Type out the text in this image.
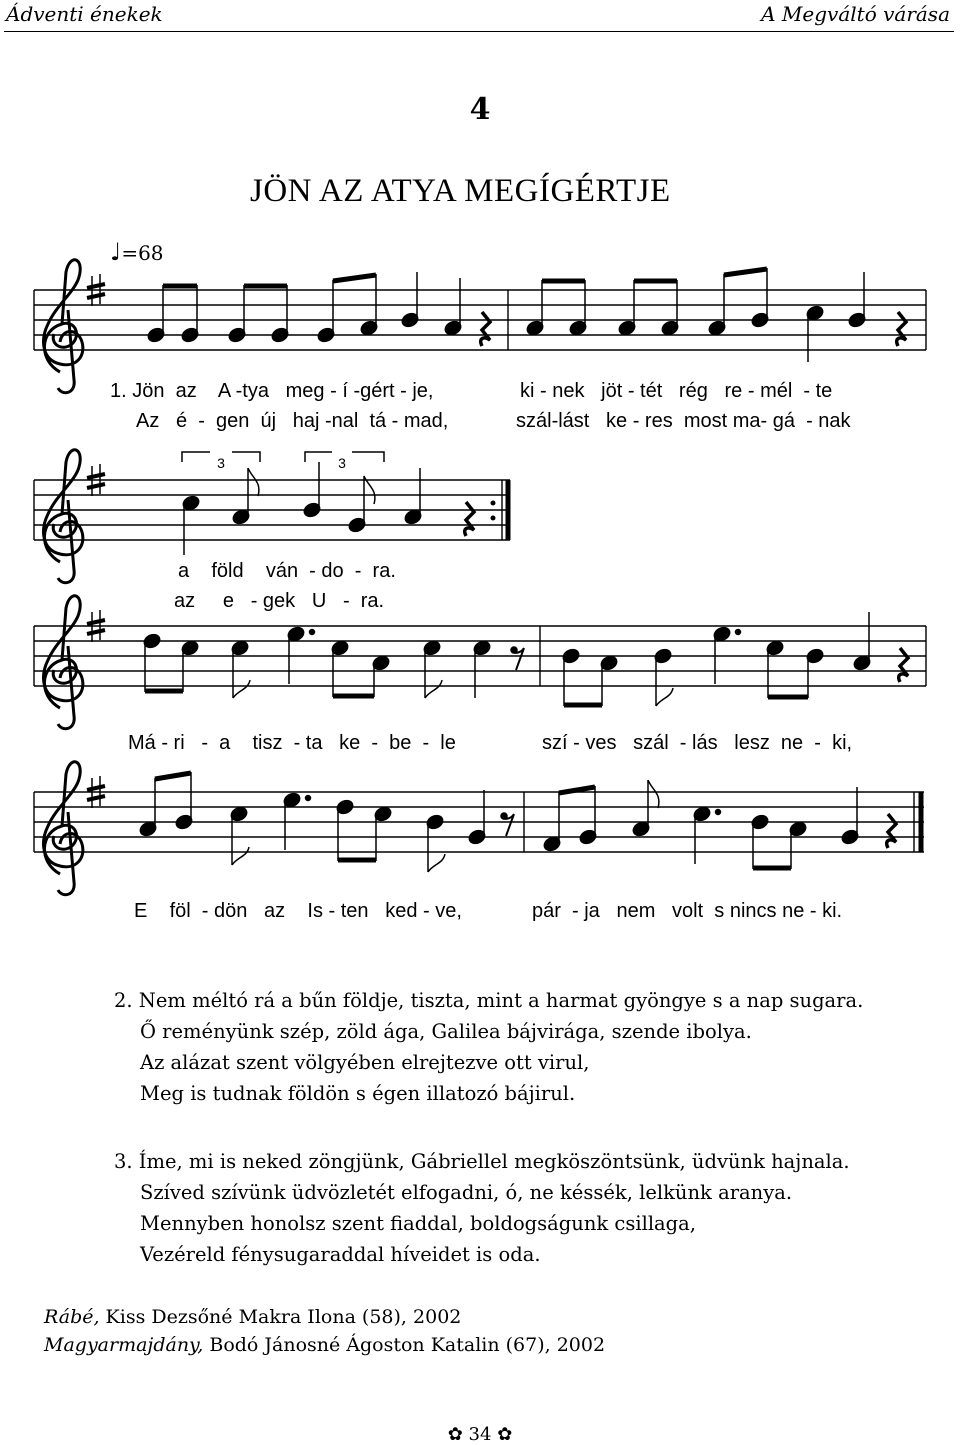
Ádventi énekek	A Megváltó várása
4
JÖN AZ ATYA MEGÍGÉRTJE
♩=68
3	3
1. Jön  az    A -tya   meg - í -gért - je,	ki - nek   jöt - tét   rég   re - mél  - te
Az   é  -  gen  új   haj -nal  tá - mad,	szál-lást   ke - res  most ma- gá  - nak
a    föld    ván  - do  -  ra.
az     e   - gek   U   -  ra.
Má - ri   -  a    tisz  - ta   ke  -  be  -  le	szí - ves   szál  - lás   lesz  ne  -  ki,
E    föl  - dön   az    Is - ten   ked - ve,	pár  - ja   nem   volt  s nincs ne - ki.
2. Nem méltó rá a bűn földje, tiszta, mint a harmat gyöngye s a nap sugara.
Ő reményünk szép, zöld ága, Galilea bájvirága, szende ibolya.
Az alázat szent völgyében elrejtezve ott virul,
Meg is tudnak földön s égen illatozó bájirul.
3. Íme, mi is neked zöngjünk, Gábriellel megköszöntsünk, üdvünk hajnala.
Szíved szívünk üdvözletét elfogadni, ó, ne késsék, lelkünk aranya.
Mennyben honolsz szent fiaddal, boldogságunk csillaga,
Vezéreld fénysugaraddal híveidet is oda.
Rábé, Kiss Dezsőné Makra Ilona (58), 2002
Magyarmajdány, Bodó Jánosné Ágoston Katalin (67), 2002
✿ 34 ✿
